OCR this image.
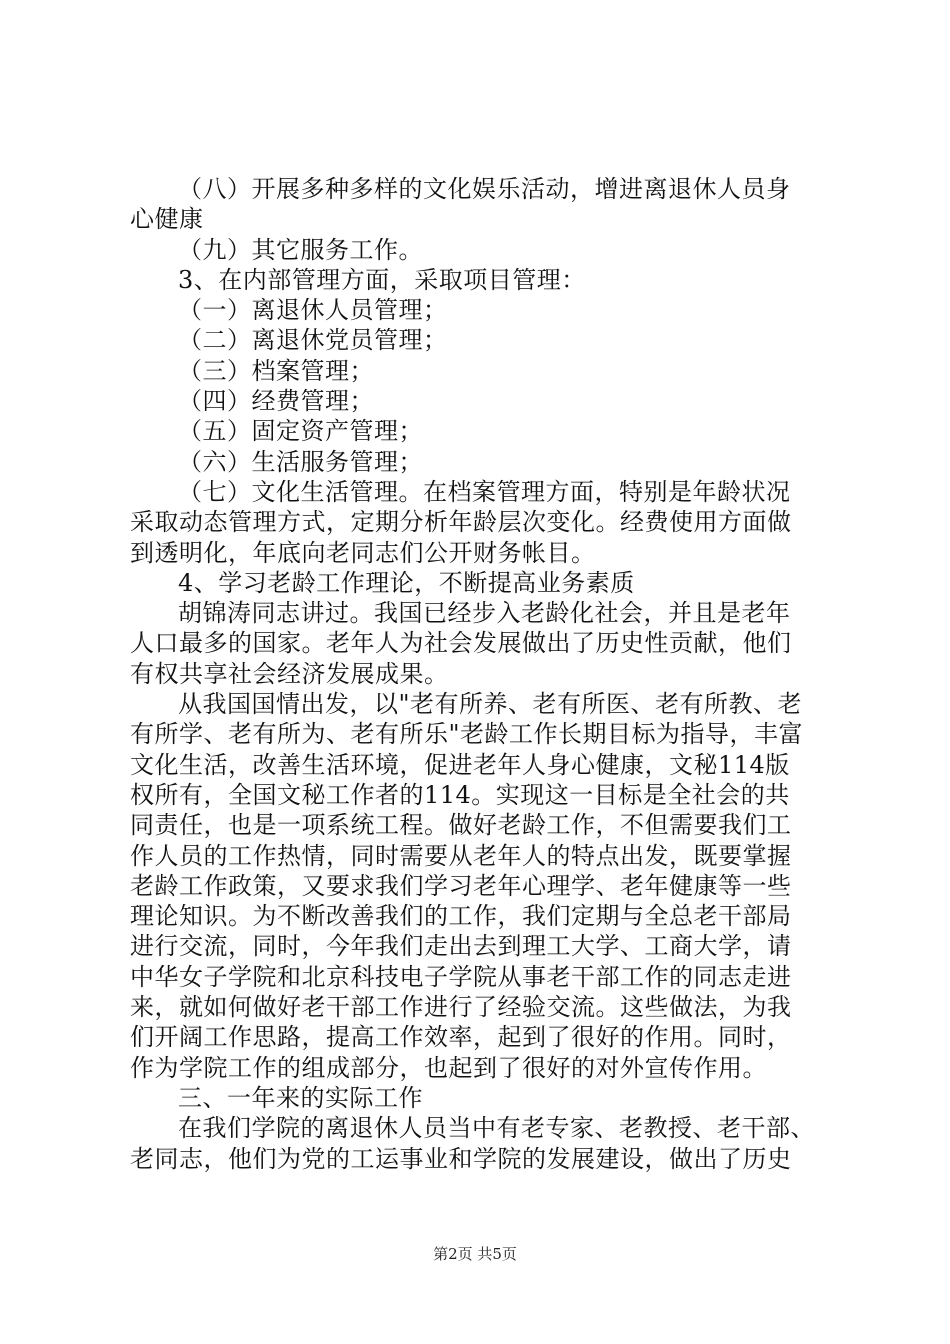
（八）开展多种多样的文化娱乐活动，增进离退休人员身
心健康
（九）其它服务工作。
3、在内部管理方面，采取项目管理：
（一）离退休人员管理；
（二）离退休党员管理；
（三）档案管理；
（四）经费管理；
（五）固定资产管理；
（六）生活服务管理；
（七）文化生活管理。在档案管理方面，特别是年龄状况
采取动态管理方式，定期分析年龄层次变化。经费使用方面做
到透明化，年底向老同志们公开财务帐目。
4、学习老龄工作理论，不断提高业务素质
胡锦涛同志讲过。我国已经步入老龄化社会，并且是老年
人口最多的国家。老年人为社会发展做出了历史性贡献，他们
有权共享社会经济发展成果。
从我国国情出发，以"老有所养、老有所医、老有所教、老
有所学、老有所为、老有所乐"老龄工作长期目标为指导，丰富
文化生活，改善生活环境，促进老年人身心健康，文秘114版
权所有，全国文秘工作者的114。实现这一目标是全社会的共
同责任，也是一项系统工程。做好老龄工作，不但需要我们工
作人员的工作热情，同时需要从老年人的特点出发，既要掌握
老龄工作政策，又要求我们学习老年心理学、老年健康等一些
理论知识。为不断改善我们的工作，我们定期与全总老干部局
进行交流，同时，今年我们走出去到理工大学、工商大学，请
中华女子学院和北京科技电子学院从事老干部工作的同志走进
来，就如何做好老干部工作进行了经验交流。这些做法，为我
们开阔工作思路，提高工作效率，起到了很好的作用。同时，
作为学院工作的组成部分，也起到了很好的对外宣传作用。
三、一年来的实际工作
在我们学院的离退休人员当中有老专家、老教授、老干部、
老同志，他们为党的工运事业和学院的发展建设，做出了历史
第2页 共5页
